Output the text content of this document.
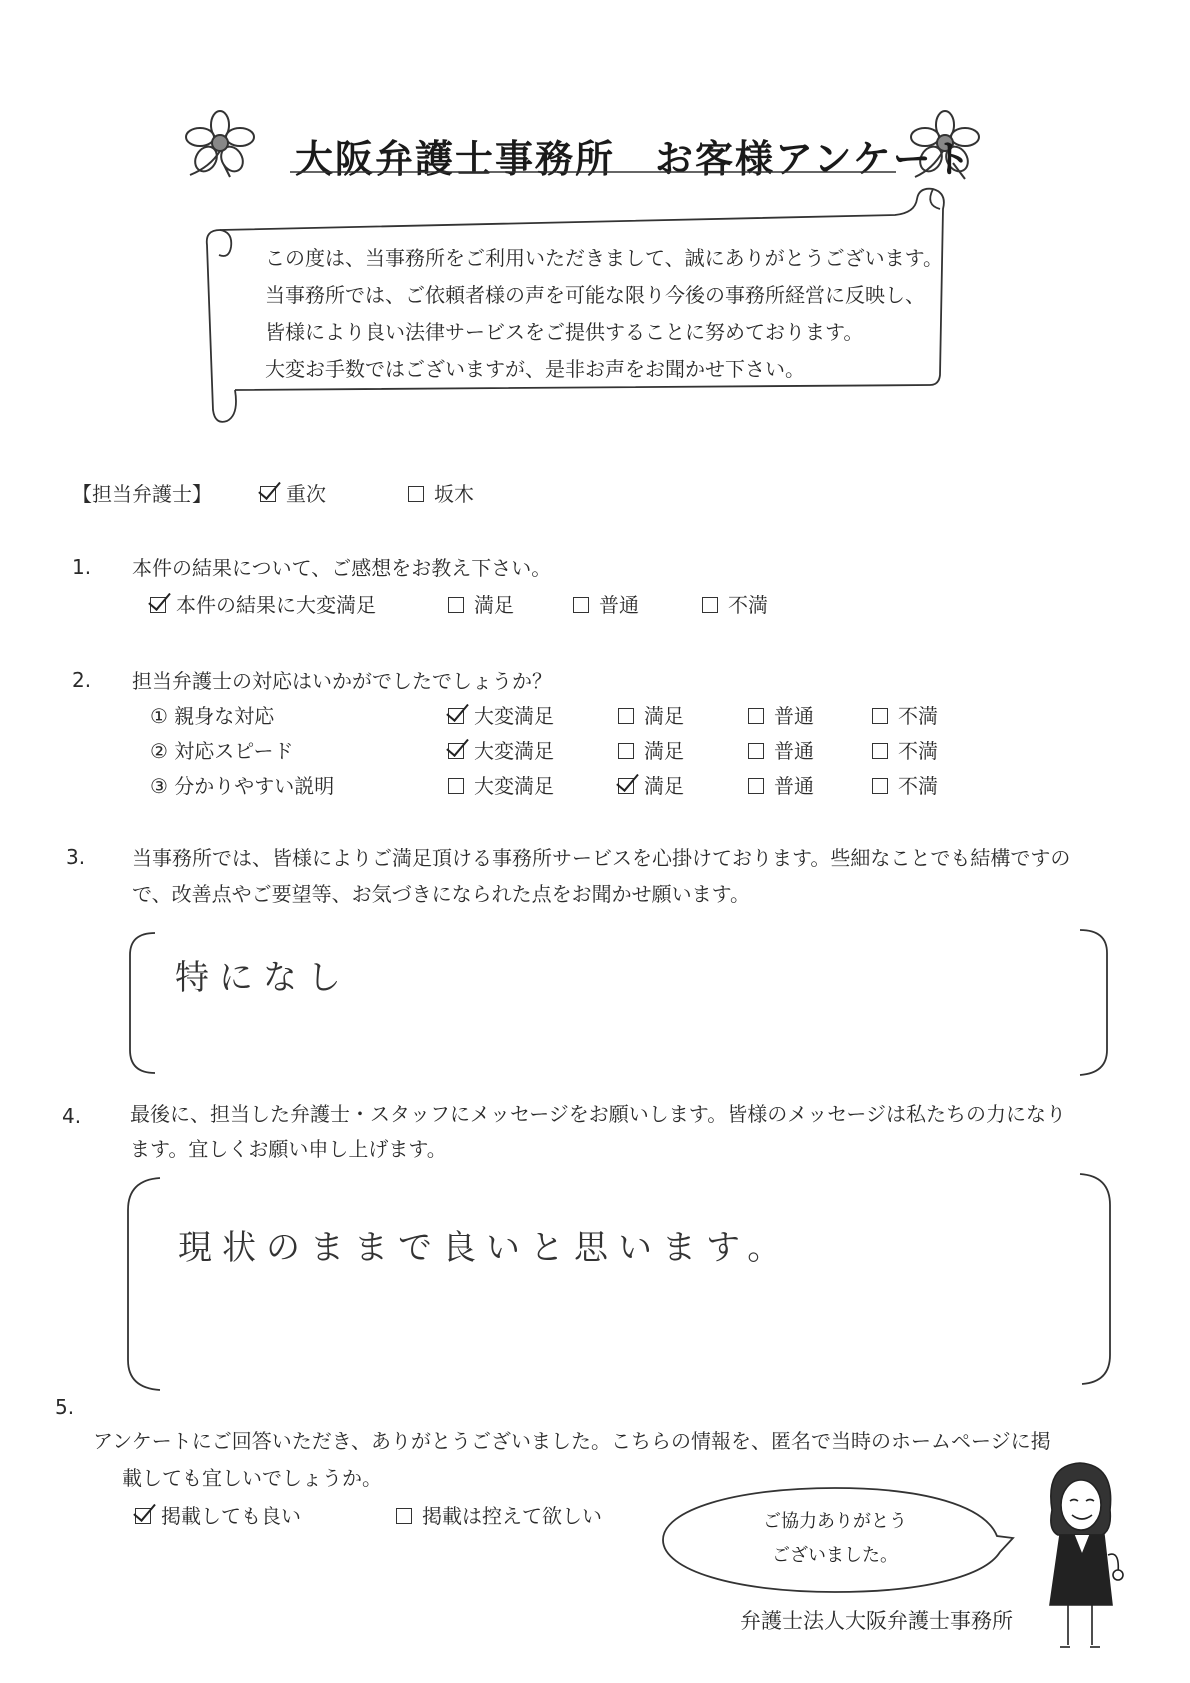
大阪弁護士事務所 お客様アンケート
この度は、当事務所をご利用いただきまして、誠にありがとうございます。
当事務所では、ご依頼者様の声を可能な限り今後の事務所経営に反映し、
皆様により良い法律サービスをご提供することに努めております。
大変お手数ではございますが、是非お声をお聞かせ下さい。
【担当弁護士】	重次	坂木
1. 本件の結果について、ご感想をお教え下さい。
本件の結果に大変満足	満足	普通	不満
2. 担当弁護士の対応はいかがでしたでしょうか？
① 親身な対応	大変満足	満足	普通	不満
② 対応スピード	大変満足	満足	普通	不満
③ 分かりやすい説明	大変満足	満足	普通	不満
3. 当事務所では、皆様によりご満足頂ける事務所サービスを心掛けております。些細なことでも結構ですの
で、改善点やご要望等、お気づきになられた点をお聞かせ願います。
特になし
4. 最後に、担当した弁護士・スタッフにメッセージをお願いします。皆様のメッセージは私たちの力になり
ます。宜しくお願い申し上げます。
現状のままで良いと思います。
5.
アンケートにご回答いただき、ありがとうございました。こちらの情報を、匿名で当時のホームページに掲
載しても宜しいでしょうか。
掲載しても良い	掲載は控えて欲しい	ご協力ありがとう
ございました。
弁護士法人大阪弁護士事務所
